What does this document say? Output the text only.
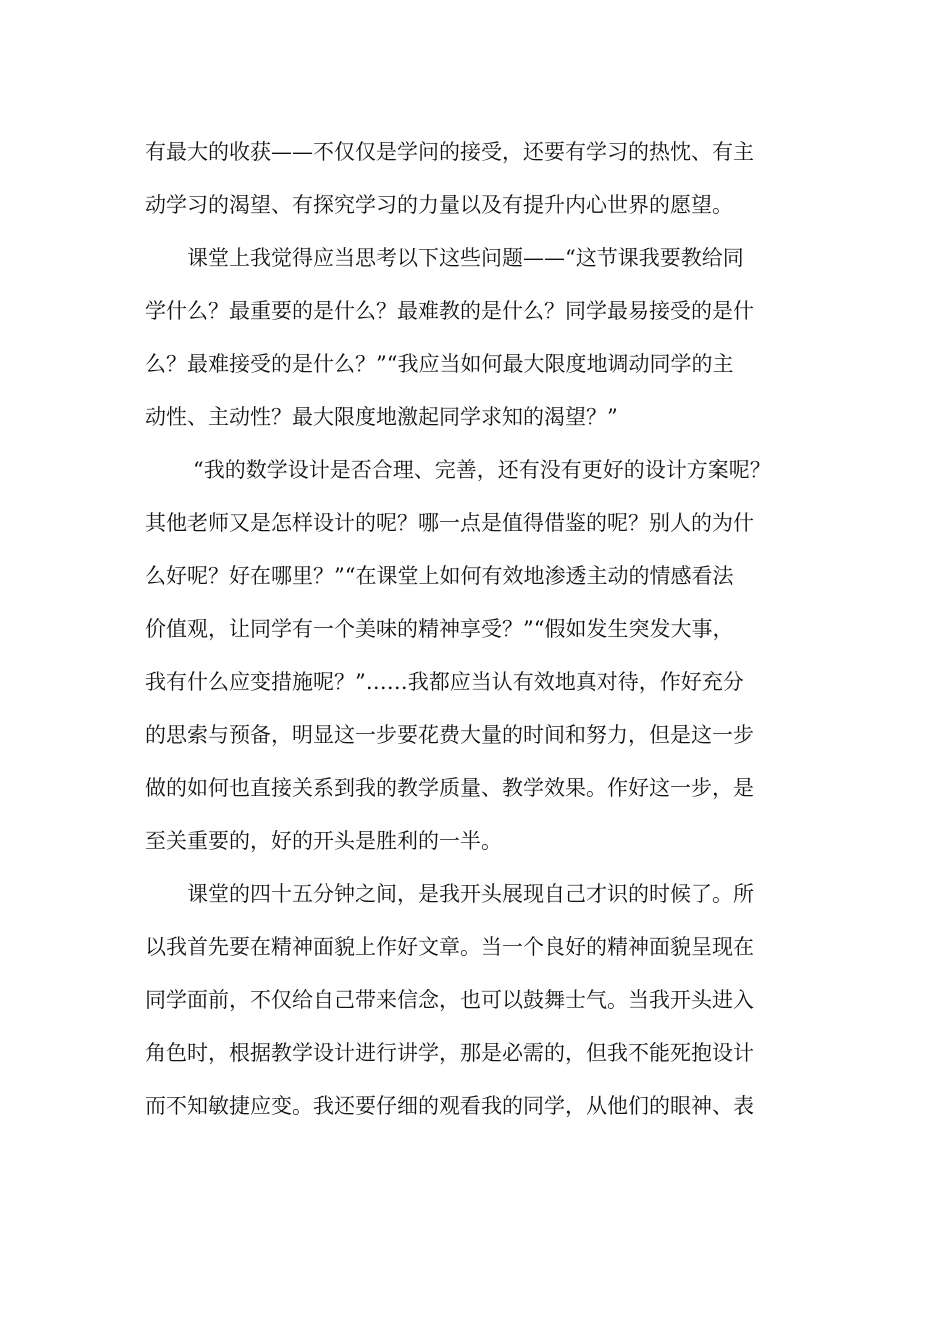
有最大的收获——不仅仅是学问的接受，还要有学习的热忱、有主
动学习的渴望、有探究学习的力量以及有提升内心世界的愿望。
课堂上我觉得应当思考以下这些问题——“这节课我要教给同
学什么？最重要的是什么？最难教的是什么？同学最易接受的是什
么？最难接受的是什么？”“我应当如何最大限度地调动同学的主
动性、主动性？最大限度地激起同学求知的渴望？”
“我的数学设计是否合理、完善，还有没有更好的设计方案呢？
其他老师又是怎样设计的呢？哪一点是值得借鉴的呢？别人的为什
么好呢？好在哪里？”“在课堂上如何有效地渗透主动的情感看法
价值观，让同学有一个美味的精神享受？”“假如发生突发大事，
我有什么应变措施呢？”……我都应当认有效地真对待，作好充分
的思索与预备，明显这一步要花费大量的时间和努力，但是这一步
做的如何也直接关系到我的教学质量、教学效果。作好这一步，是
至关重要的，好的开头是胜利的一半。
课堂的四十五分钟之间，是我开头展现自己才识的时候了。所
以我首先要在精神面貌上作好文章。当一个良好的精神面貌呈现在
同学面前，不仅给自己带来信念，也可以鼓舞士气。当我开头进入
角色时，根据教学设计进行讲学，那是必需的，但我不能死抱设计
而不知敏捷应变。我还要仔细的观看我的同学，从他们的眼神、表
